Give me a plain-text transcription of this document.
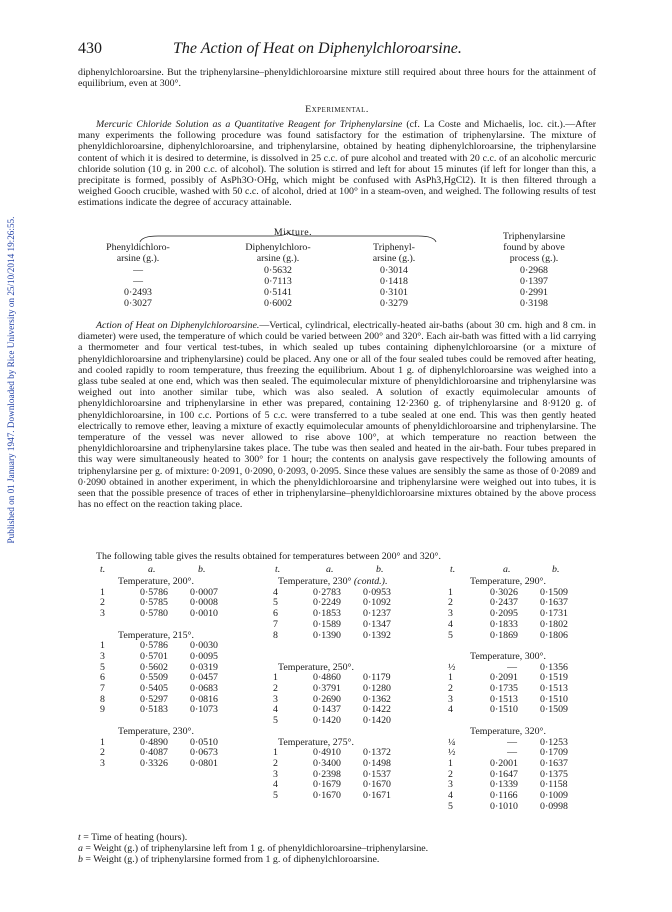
Published on 01 January 1947. Downloaded by Rice University on 25/10/2014 19:26:55.
430	The Action of Heat on Diphenylchloroarsine.

diphenylchloroarsine. But the triphenylarsine–phenyldichloroarsine mixture still required about three hours for the attainment of equilibrium, even at 300°.

Experimental.

Mercuric Chloride Solution as a Quantitative Reagent for Triphenylarsine (cf. La Coste and Michaelis, loc. cit.).—After many experiments the following procedure was found satisfactory for the estimation of triphenylarsine. The mixture of phenyldichloroarsine, diphenylchloroarsine, and triphenylarsine, obtained by heating diphenylchloroarsine, the triphenylarsine content of which it is desired to determine, is dissolved in 25 c.c. of pure alcohol and treated with 20 c.c. of an alcoholic mercuric chloride solution (10 g. in 200 c.c. of alcohol). The solution is stirred and left for about 15 minutes (if left for longer than this, a precipitate is formed, possibly of AsPh3O·OHg, which might be confused with AsPh3,HgCl2). It is then filtered through a weighed Gooch crucible, washed with 50 c.c. of alcohol, dried at 100° in a steam-oven, and weighed. The following results of test estimations indicate the degree of accuracy attainable.

Mixture.
Phenyldichloro-
arsine (g.).
Diphenylchloro-
arsine (g.).
Triphenyl-
arsine (g.).
Triphenylarsine
found by above
process (g.).
—	0·5632	0·3014	0·2968
—	0·7113	0·1418	0·1397
0·2493	0·5141	0·3101	0·2991
0·3027	0·6002	0·3279	0·3198

Action of Heat on Diphenylchloroarsine.—Vertical, cylindrical, electrically-heated air-baths (about 30 cm. high and 8 cm. in diameter) were used, the temperature of which could be varied between 200° and 320°. Each air-bath was fitted with a lid carrying a thermometer and four vertical test-tubes, in which sealed up tubes containing diphenylchloroarsine (or a mixture of phenyldichloroarsine and triphenylarsine) could be placed. Any one or all of the four sealed tubes could be removed after heating, and cooled rapidly to room temperature, thus freezing the equilibrium. About 1 g. of diphenylchloroarsine was weighed into a glass tube sealed at one end, which was then sealed. The equimolecular mixture of phenyldichloroarsine and triphenylarsine was weighed out into another similar tube, which was also sealed. A solution of exactly equimolecular amounts of phenyldichloroarsine and triphenylarsine in ether was prepared, containing 12·2360 g. of triphenylarsine and 8·9120 g. of phenyldichloroarsine, in 100 c.c. Portions of 5 c.c. were transferred to a tube sealed at one end. This was then gently heated electrically to remove ether, leaving a mixture of exactly equimolecular amounts of phenyldichloroarsine and triphenylarsine. The temperature of the vessel was never allowed to rise above 100°, at which temperature no reaction between the phenyldichloroarsine and triphenylarsine takes place. The tube was then sealed and heated in the air-bath. Four tubes prepared in this way were simultaneously heated to 300° for 1 hour; the contents on analysis gave respectively the following amounts of triphenylarsine per g. of mixture: 0·2091, 0·2090, 0·2093, 0·2095. Since these values are sensibly the same as those of 0·2089 and 0·2090 obtained in another experiment, in which the phenyldichloroarsine and triphenylarsine were weighed out into tubes, it is seen that the possible presence of traces of ether in triphenylarsine–phenyldichloroarsine mixtures obtained by the above process has no effect on the reaction taking place.

The following table gives the results obtained for temperatures between 200° and 320°.

t.	a.	b.	t.	a.	b.	t.	a.	b.
Temperature, 200°.
1	0·5786	0·0007
2	0·5785	0·0008
3	0·5780	0·0010
Temperature, 215°.
1	0·5786	0·0030
3	0·5701	0·0095
5	0·5602	0·0319
6	0·5509	0·0457
7	0·5405	0·0683
8	0·5297	0·0816
9	0·5183	0·1073
Temperature, 230°.
1	0·4890	0·0510
2	0·4087	0·0673
3	0·3326	0·0801
Temperature, 230° (contd.).
4	0·2783	0·0953
5	0·2249	0·1092
6	0·1853	0·1237
7	0·1589	0·1347
8	0·1390	0·1392
Temperature, 250°.
1	0·4860	0·1179
2	0·3791	0·1280
3	0·2690	0·1362
4	0·1437	0·1422
5	0·1420	0·1420
Temperature, 275°.
1	0·4910	0·1372
2	0·3400	0·1498
3	0·2398	0·1537
4	0·1679	0·1670
5	0·1670	0·1671
Temperature, 290°.
1	0·3026	0·1509
2	0·2437	0·1637
3	0·2095	0·1731
4	0·1833	0·1802
5	0·1869	0·1806
Temperature, 300°.
½	—	0·1356
1	0·2091	0·1519
2	0·1735	0·1513
3	0·1513	0·1510
4	0·1510	0·1509
Temperature, 320°.
¼	—	0·1253
½	—	0·1709
1	0·2001	0·1637
2	0·1647	0·1375
3	0·1339	0·1158
4	0·1166	0·1009
5	0·1010	0·0998
t = Time of heating (hours).
a = Weight (g.) of triphenylarsine left from 1 g. of phenyldichloroarsine–triphenylarsine.
b = Weight (g.) of triphenylarsine formed from 1 g. of diphenylchloroarsine.
